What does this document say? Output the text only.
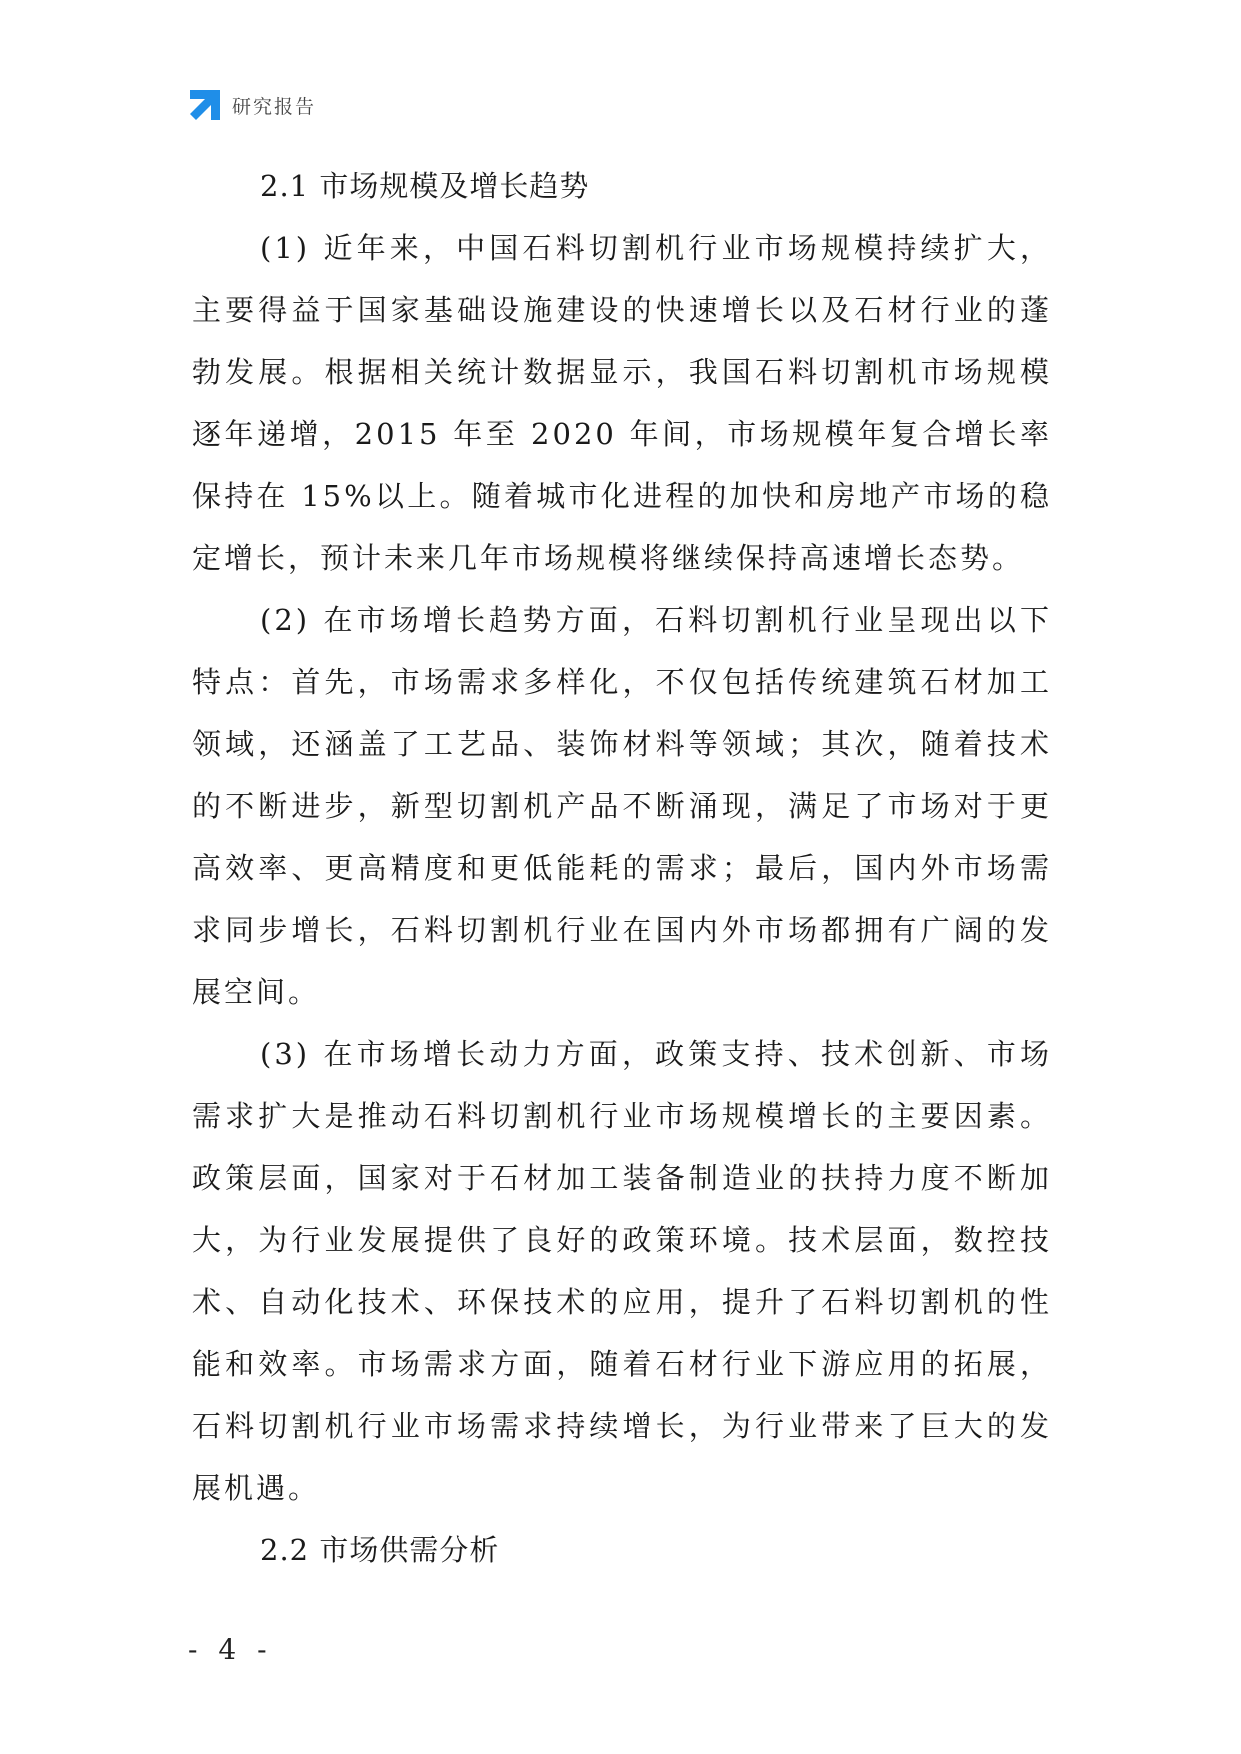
研究报告
2.1 市场规模及增长趋势

(1) 近年来，中国石料切割机行业市场规模持续扩大，主要得益于国家基础设施建设的快速增长以及石材行业的蓬勃发展。根据相关统计数据显示，我国石料切割机市场规模逐年递增，2015 年至 2020 年间，市场规模年复合增长率保持在 15%以上。随着城市化进程的加快和房地产市场的稳定增长，预计未来几年市场规模将继续保持高速增长态势。

(2) 在市场增长趋势方面，石料切割机行业呈现出以下特点：首先，市场需求多样化，不仅包括传统建筑石材加工领域，还涵盖了工艺品、装饰材料等领域；其次，随着技术的不断进步，新型切割机产品不断涌现，满足了市场对于更高效率、更高精度和更低能耗的需求；最后，国内外市场需求同步增长，石料切割机行业在国内外市场都拥有广阔的发展空间。

(3) 在市场增长动力方面，政策支持、技术创新、市场需求扩大是推动石料切割机行业市场规模增长的主要因素。政策层面，国家对于石材加工装备制造业的扶持力度不断加大，为行业发展提供了良好的政策环境。技术层面，数控技术、自动化技术、环保技术的应用，提升了石料切割机的性能和效率。市场需求方面，随着石材行业下游应用的拓展，石料切割机行业市场需求持续增长，为行业带来了巨大的发展机遇。

2.2 市场供需分析
- 4 -
